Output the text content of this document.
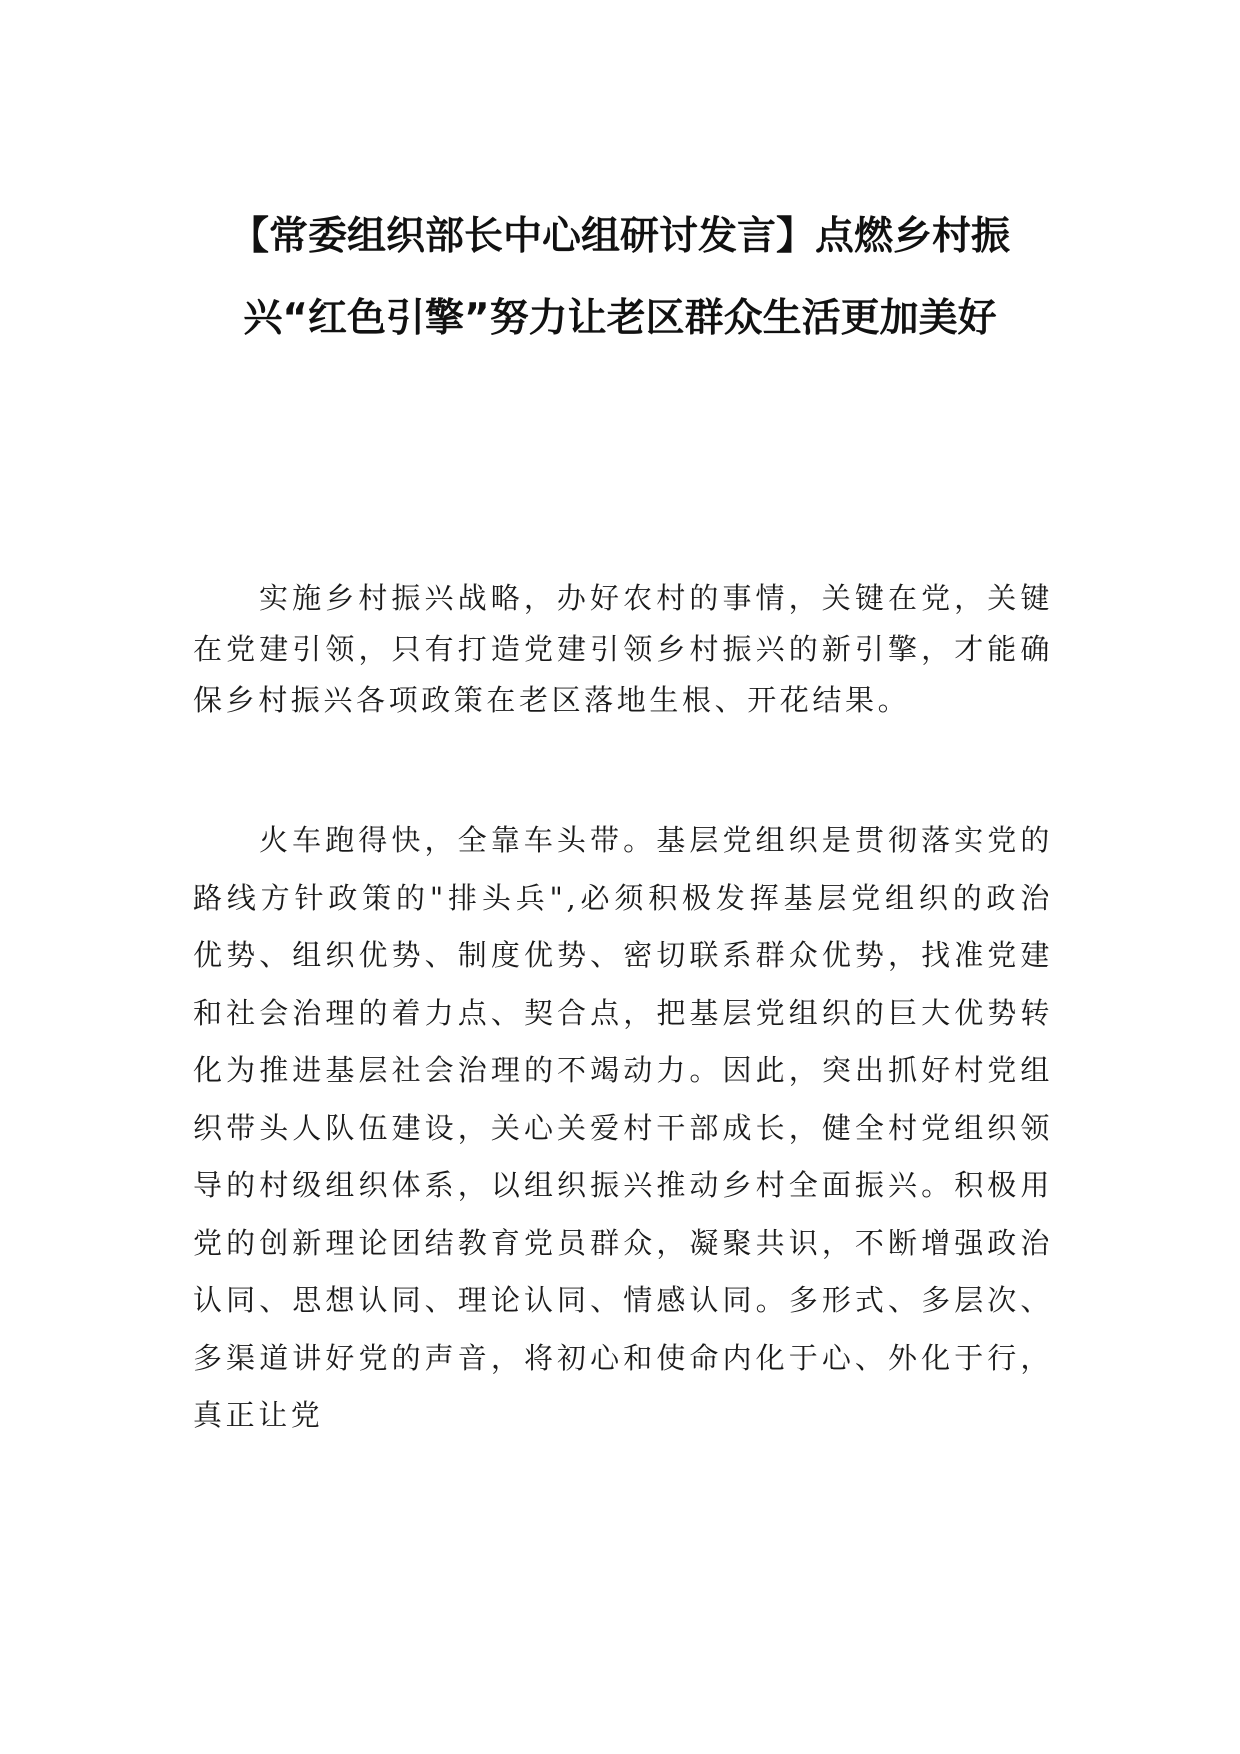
【常委组织部长中心组研讨发言】点燃乡村振兴“红色引擎”努力让老区群众生活更加美好

实施乡村振兴战略，办好农村的事情，关键在党，关键在党建引领，只有打造党建引领乡村振兴的新引擎，才能确保乡村振兴各项政策在老区落地生根、开花结果。

火车跑得快，全靠车头带。基层党组织是贯彻落实党的路线方针政策的"排头兵",必须积极发挥基层党组织的政治优势、组织优势、制度优势、密切联系群众优势，找准党建和社会治理的着力点、契合点，把基层党组织的巨大优势转化为推进基层社会治理的不竭动力。因此，突出抓好村党组织带头人队伍建设，关心关爱村干部成长，健全村党组织领导的村级组织体系，以组织振兴推动乡村全面振兴。积极用党的创新理论团结教育党员群众，凝聚共识，不断增强政治认同、思想认同、理论认同、情感认同。多形式、多层次、多渠道讲好党的声音，将初心和使命内化于心、外化于行，真正让党
